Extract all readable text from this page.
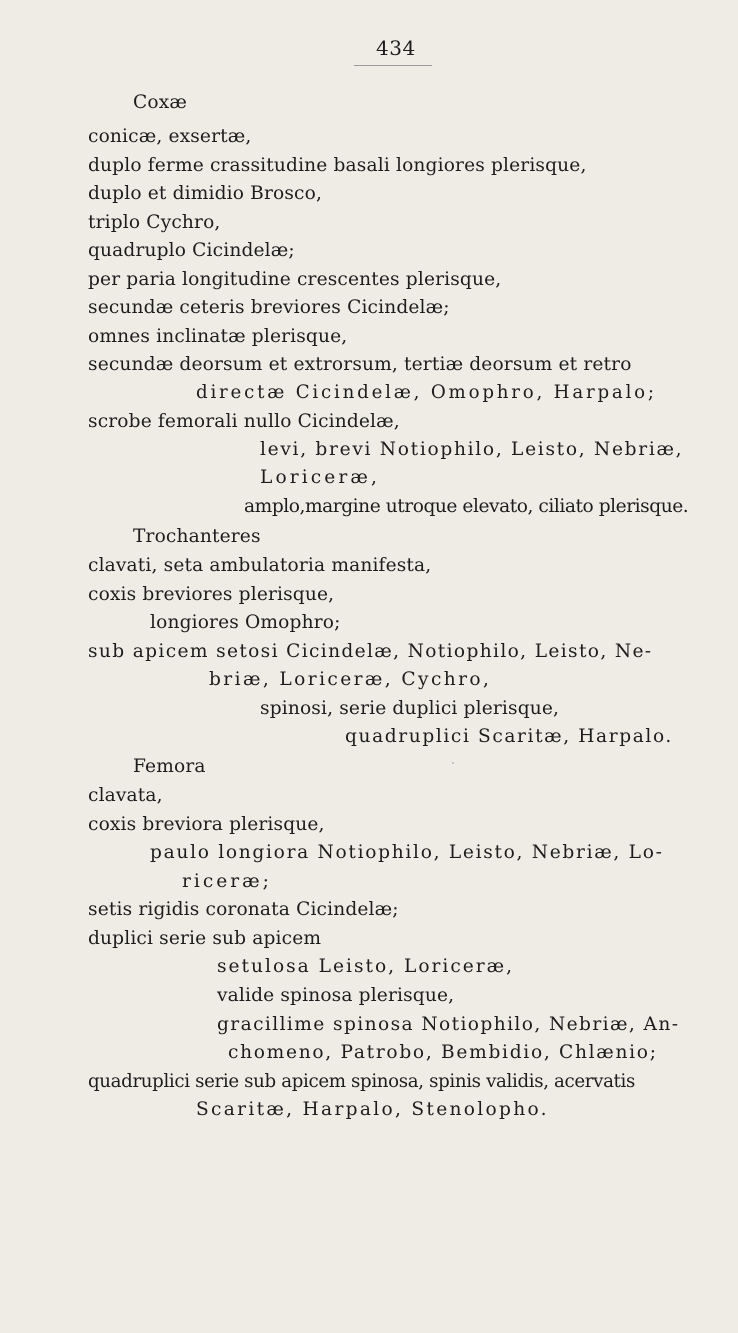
434
Coxæ
conicæ, exsertæ,
duplo ferme crassitudine basali longiores plerisque,
duplo et dimidio Brosco,
triplo Cychro,
quadruplo Cicindelæ;
per paria longitudine crescentes plerisque,
secundæ ceteris breviores Cicindelæ;
omnes inclinatæ plerisque,
secundæ deorsum et extrorsum, tertiæ deorsum et retro
directæ Cicindelæ, Omophro, Harpalo;
scrobe femorali nullo Cicindelæ,
levi, brevi Notiophilo, Leisto, Nebriæ,
Loriceræ,
amplo,margine utroque elevato, ciliato plerisque.
Trochanteres
clavati, seta ambulatoria manifesta,
coxis breviores plerisque,
longiores Omophro;
sub apicem setosi Cicindelæ, Notiophilo, Leisto, Ne-
briæ, Loriceræ, Cychro,
spinosi, serie duplici plerisque,
quadruplici Scaritæ, Harpalo.
Femora
clavata,
coxis breviora plerisque,
paulo longiora Notiophilo, Leisto, Nebriæ, Lo-
riceræ;
setis rigidis coronata Cicindelæ;
duplici serie sub apicem
setulosa Leisto, Loriceræ,
valide spinosa plerisque,
gracillime spinosa Notiophilo, Nebriæ, An-
chomeno, Patrobo, Bembidio, Chlænio;
quadruplici serie sub apicem spinosa, spinis validis, acervatis
Scaritæ, Harpalo, Stenolopho.
